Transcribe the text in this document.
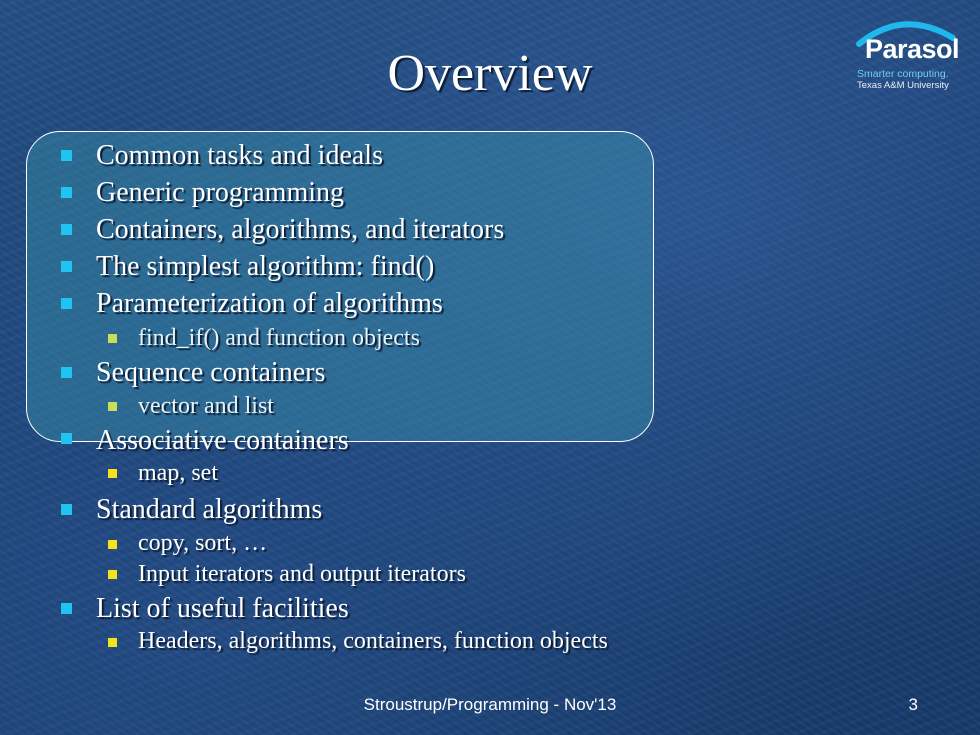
Overview	Parasol
Smarter computing.
Texas A&M University
Common tasks and ideals
Generic programming
Containers, algorithms, and iterators
The simplest algorithm: find()
Parameterization of algorithms
find_if() and function objects
Sequence containers
vector and list
Associative containers
map, set
Standard algorithms
copy, sort, …
Input iterators and output iterators
List of useful facilities
Headers, algorithms, containers, function objects
Stroustrup/Programming - Nov'13	3
